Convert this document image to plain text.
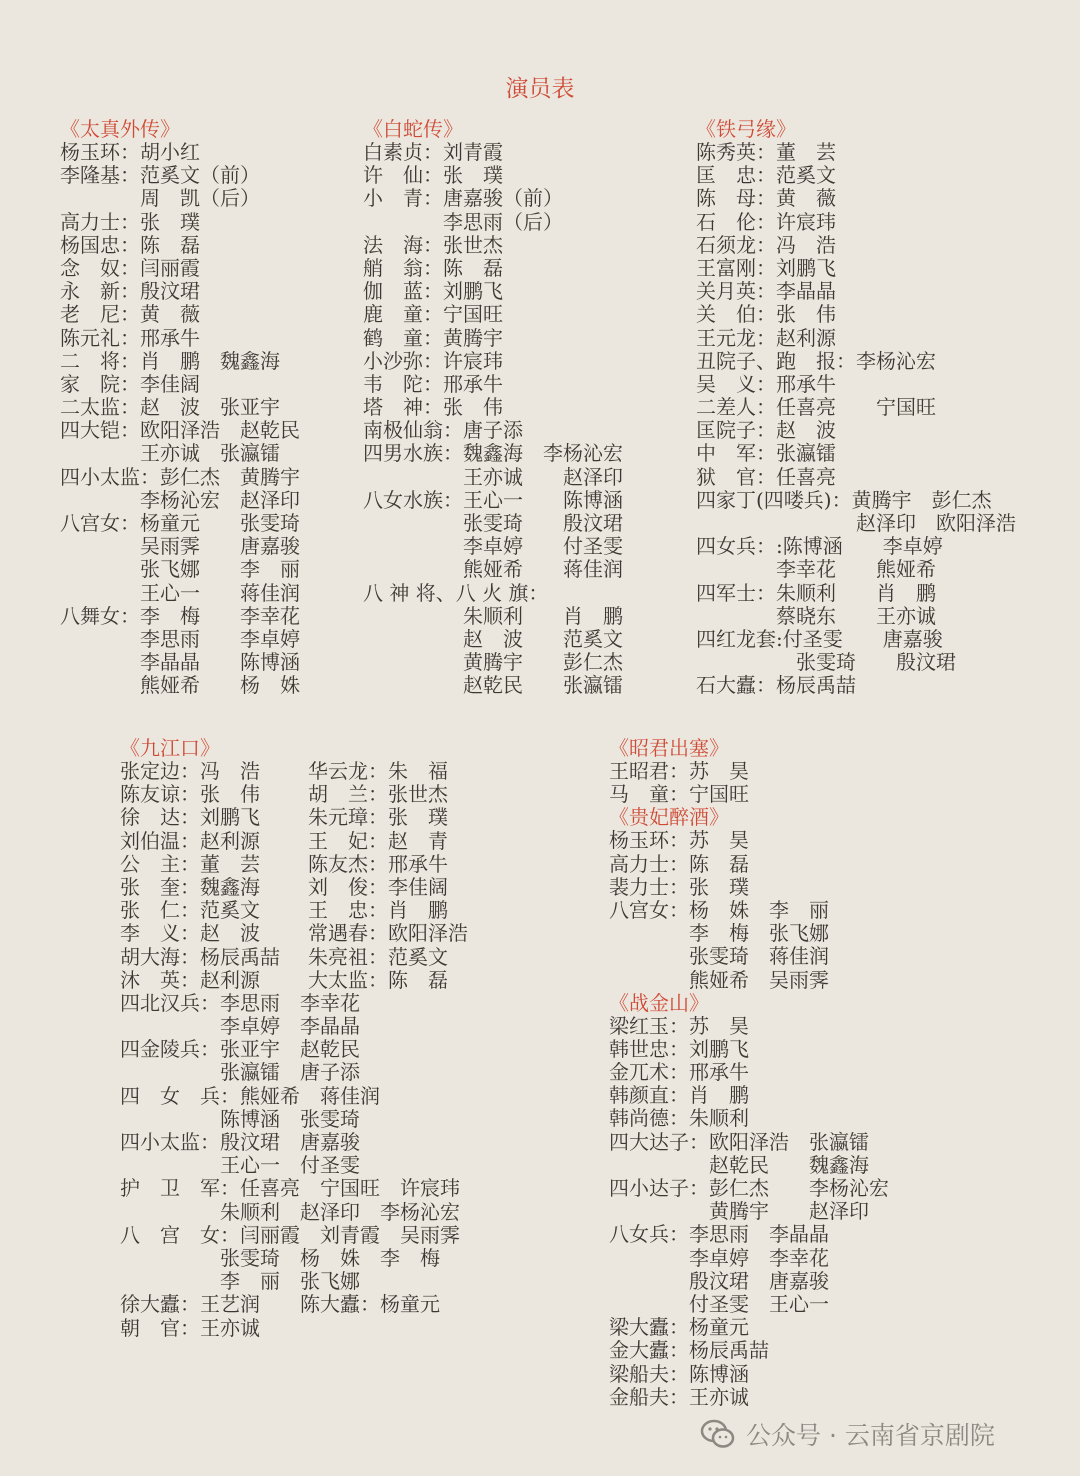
演员表
《太真外传》
杨玉环：胡小红
李隆基：范奚文（前）
　　　　周　凯（后）
高力士：张　璞
杨国忠：陈　磊
念　奴：闫丽霞
永　新：殷汶珺
老　尼：黄　薇
陈元礼：邢承牛
二　将：肖　鹏　魏鑫海
家　院：李佳阔
二太监：赵　波　张亚宇
四大铠：欧阳泽浩　赵乾民
　　　　王亦诚　张瀛镭
四小太监：彭仁杰　黄腾宇
　　　　李杨沁宏　赵泽印
八宫女：杨童元　　张雯琦
　　　　吴雨霁　　唐嘉骏
　　　　张飞娜　　李　丽
　　　　王心一　　蒋佳润
八舞女：李　梅　　李幸花
　　　　李思雨　　李卓婷
　　　　李晶晶　　陈博涵
　　　　熊娅希　　杨　姝
《白蛇传》
白素贞：刘青霞
许　仙：张　璞
小　青：唐嘉骏（前）
　　　　李思雨（后）
法　海：张世杰
艄　翁：陈　磊
伽　蓝：刘鹏飞
鹿　童：宁国旺
鹤　童：黄腾宇
小沙弥：许宸玮
韦　陀：邢承牛
塔　神：张　伟
南极仙翁：唐子添
四男水族：魏鑫海　李杨沁宏
　　　　　王亦诚　　赵泽印
八女水族：王心一　　陈博涵
　　　　　张雯琦　　殷汶珺
　　　　　李卓婷　　付圣雯
　　　　　熊娅希　　蒋佳润
八 神 将、八 火 旗：
　　　　　朱顺利　　肖　鹏
　　　　　赵　波　　范奚文
　　　　　黄腾宇　　彭仁杰
　　　　　赵乾民　　张瀛镭
《铁弓缘》
陈秀英：董　芸
匡　忠：范奚文
陈　母：黄　薇
石　伦：许宸玮
石须龙：冯　浩
王富刚：刘鹏飞
关月英：李晶晶
关　伯：张　伟
王元龙：赵利源
丑院子、跑　报：李杨沁宏
吴　义：邢承牛
二差人：任喜亮　　宁国旺
匡院子：赵　波
中　军：张瀛镭
狱　官：任喜亮
四家丁(四喽兵)：黄腾宇　彭仁杰
　　　　　　　　赵泽印　欧阳泽浩
四女兵：:陈博涵　　李卓婷
　　　　李幸花　　熊娅希
四军士：朱顺利　　肖　鹏
　　　　蔡晓东　　王亦诚
四红龙套:付圣雯　　唐嘉骏
　　　　　张雯琦　　殷汶珺
石大蠹：杨辰禹喆
《九江口》
张定边：冯　浩
陈友谅：张　伟
徐　达：刘鹏飞
刘伯温：赵利源
公　主：董　芸
张　奎：魏鑫海
张　仁：范奚文
李　义：赵　波
胡大海：杨辰禹喆
沐　英：赵利源
华云龙：朱　福
胡　兰：张世杰
朱元璋：张　璞
王　妃：赵　青
陈友杰：邢承牛
刘　俊：李佳阔
王　忠：肖　鹏
常遇春：欧阳泽浩
朱亮祖：范奚文
大太监：陈　磊
四北汉兵：李思雨　李幸花
　　　　　李卓婷　李晶晶
四金陵兵：张亚宇　赵乾民
　　　　　张瀛镭　唐子添
四　女　兵：熊娅希　蒋佳润
　　　　　陈博涵　张雯琦
四小太监：殷汶珺　唐嘉骏
　　　　　王心一　付圣雯
护　卫　军：任喜亮　宁国旺　许宸玮
　　　　　朱顺利　赵泽印　李杨沁宏
八　宫　女：闫丽霞　刘青霞　吴雨霁
　　　　　张雯琦　杨　姝　李　梅
　　　　　李　丽　张飞娜
徐大蠹：王艺润　　陈大蠹：杨童元
朝　官：王亦诚
《昭君出塞》
王昭君：苏　昊
马　童：宁国旺
《贵妃醉酒》
杨玉环：苏　昊
高力士：陈　磊
裴力士：张　璞
八宫女：杨　姝　李　丽
　　　　李　梅　张飞娜
　　　　张雯琦　蒋佳润
　　　　熊娅希　吴雨霁
《战金山》
梁红玉：苏　昊
韩世忠：刘鹏飞
金兀术：邢承牛
韩颜直：肖　鹏
韩尚德：朱顺利
四大达子：欧阳泽浩　张瀛镭
　　　　　赵乾民　　魏鑫海
四小达子：彭仁杰　　李杨沁宏
　　　　　黄腾宇　　赵泽印
八女兵：李思雨　李晶晶
　　　　李卓婷　李幸花
　　　　殷汶珺　唐嘉骏
　　　　付圣雯　王心一
梁大蠹：杨童元
金大蠹：杨辰禹喆
梁船夫：陈博涵
金船夫：王亦诚
公众号 · 云南省京剧院
